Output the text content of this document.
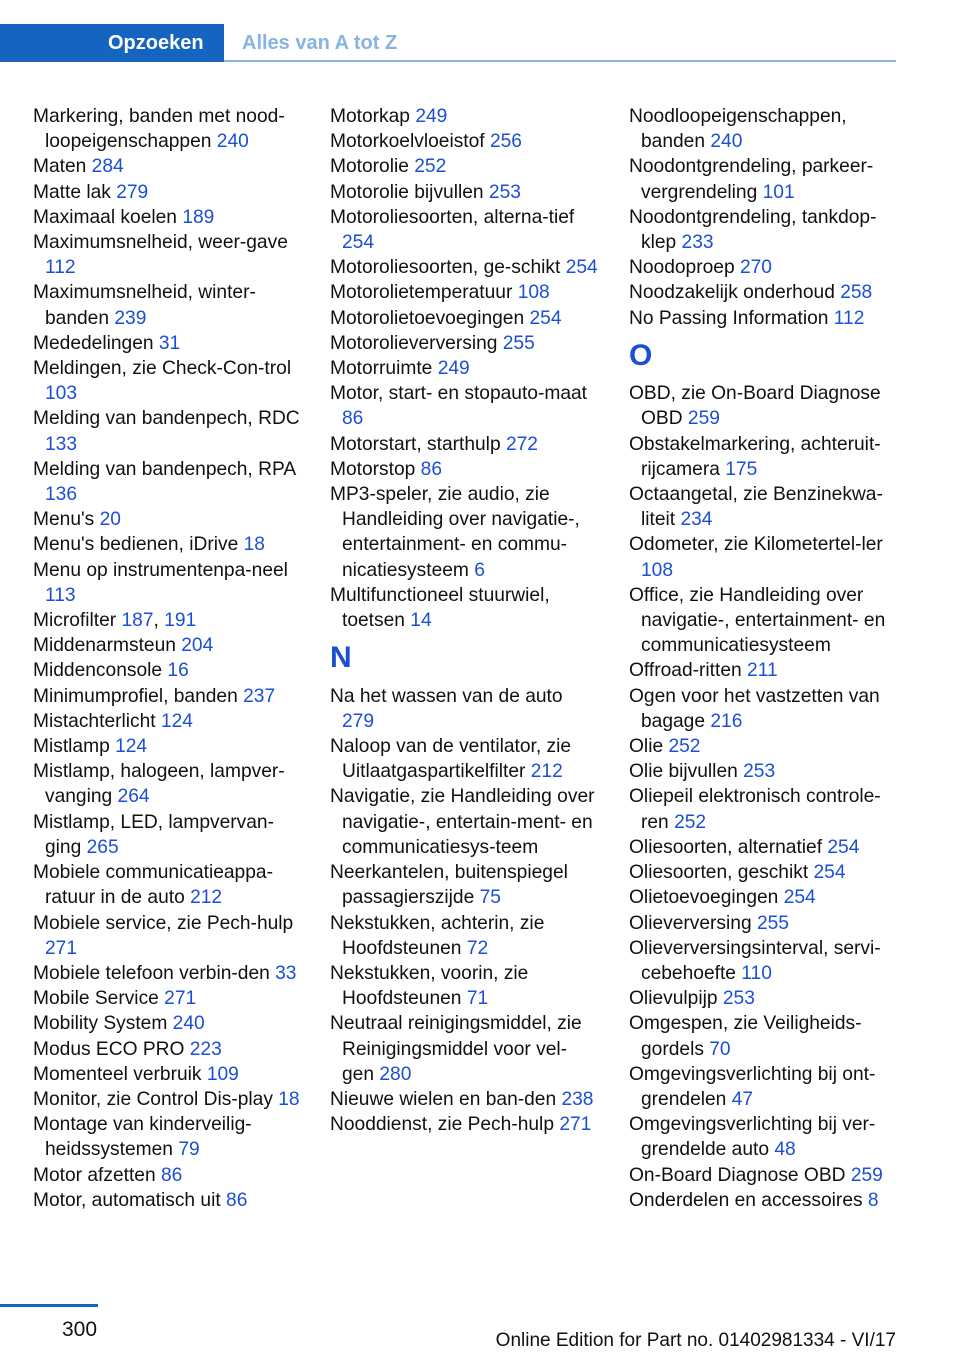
Opzoeken	Alles van A tot Z
Markering, banden met nood‐loopeigenschappen 240
Maten 284
Matte lak 279
Maximaal koelen 189
Maximumsnelheid, weer‐gave 112
Maximumsnelheid, winter‐banden 239
Mededelingen 31
Meldingen, zie Check-Con‐trol 103
Melding van bandenpech, RDC 133
Melding van bandenpech, RPA 136
Menu's 20
Menu's bedienen, iDrive 18
Menu op instrumentenpa‐neel 113
Microfilter 187, 191
Middenarmsteun 204
Middenconsole 16
Minimumprofiel, banden 237
Mistachterlicht 124
Mistlamp 124
Mistlamp, halogeen, lampver‐vanging 264
Mistlamp, LED, lampvervan‐ging 265
Mobiele communicatieappa‐ratuur in de auto 212
Mobiele service, zie Pech‐hulp 271
Mobiele telefoon verbin‐den 33
Mobile Service 271
Mobility System 240
Modus ECO PRO 223
Momenteel verbruik 109
Monitor, zie Control Dis‐play 18
Montage van kinderveilig‐heidssystemen 79
Motor afzetten 86
Motor, automatisch uit 86
Motorkap 249
Motorkoelvloeistof 256
Motorolie 252
Motorolie bijvullen 253
Motoroliesoorten, alterna‐tief 254
Motoroliesoorten, ge‐schikt 254
Motorolietemperatuur 108
Motorolietoevoegingen 254
Motorolieverversing 255
Motorruimte 249
Motor, start- en stopauto‐maat 86
Motorstart, starthulp 272
Motorstop 86
MP3-speler, zie audio, zie Handleiding over navigatie-, entertainment- en commu‐nicatiesysteem 6
Multifunctioneel stuurwiel, toetsen 14
N
Na het wassen van de auto 279
Naloop van de ventilator, zie Uitlaatgaspartikelfilter 212
Navigatie, zie Handleiding over navigatie-, entertain‐ment- en communicatiesys‐teem
Neerkantelen, buitenspiegel passagierszijde 75
Nekstukken, achterin, zie Hoofdsteunen 72
Nekstukken, voorin, zie Hoofdsteunen 71
Neutraal reinigingsmiddel, zie Reinigingsmiddel voor vel‐gen 280
Nieuwe wielen en ban‐den 238
Nooddienst, zie Pech‐hulp 271
Noodloopeigenschappen, banden 240
Noodontgrendeling, parkeer‐vergrendeling 101
Noodontgrendeling, tankdop‐klep 233
Noodoproep 270
Noodzakelijk onderhoud 258
No Passing Information 112
O
OBD, zie On-Board Diagnose OBD 259
Obstakelmarkering, achteruit‐rijcamera 175
Octaangetal, zie Benzinekwa‐liteit 234
Odometer, zie Kilometertel‐ler 108
Office, zie Handleiding over navigatie-, entertainment- en communicatiesysteem
Offroad-ritten 211
Ogen voor het vastzetten van bagage 216
Olie 252
Olie bijvullen 253
Oliepeil elektronisch controle‐ren 252
Oliesoorten, alternatief 254
Oliesoorten, geschikt 254
Olietoevoegingen 254
Olieverversing 255
Olieverversingsinterval, servi‐cebehoefte 110
Olievulpijp 253
Omgespen, zie Veiligheids‐gordels 70
Omgevingsverlichting bij ont‐grendelen 47
Omgevingsverlichting bij ver‐grendelde auto 48
On-Board Diagnose OBD 259
Onderdelen en accessoires 8
300	Online Edition for Part no. 01402981334 - VI/17
